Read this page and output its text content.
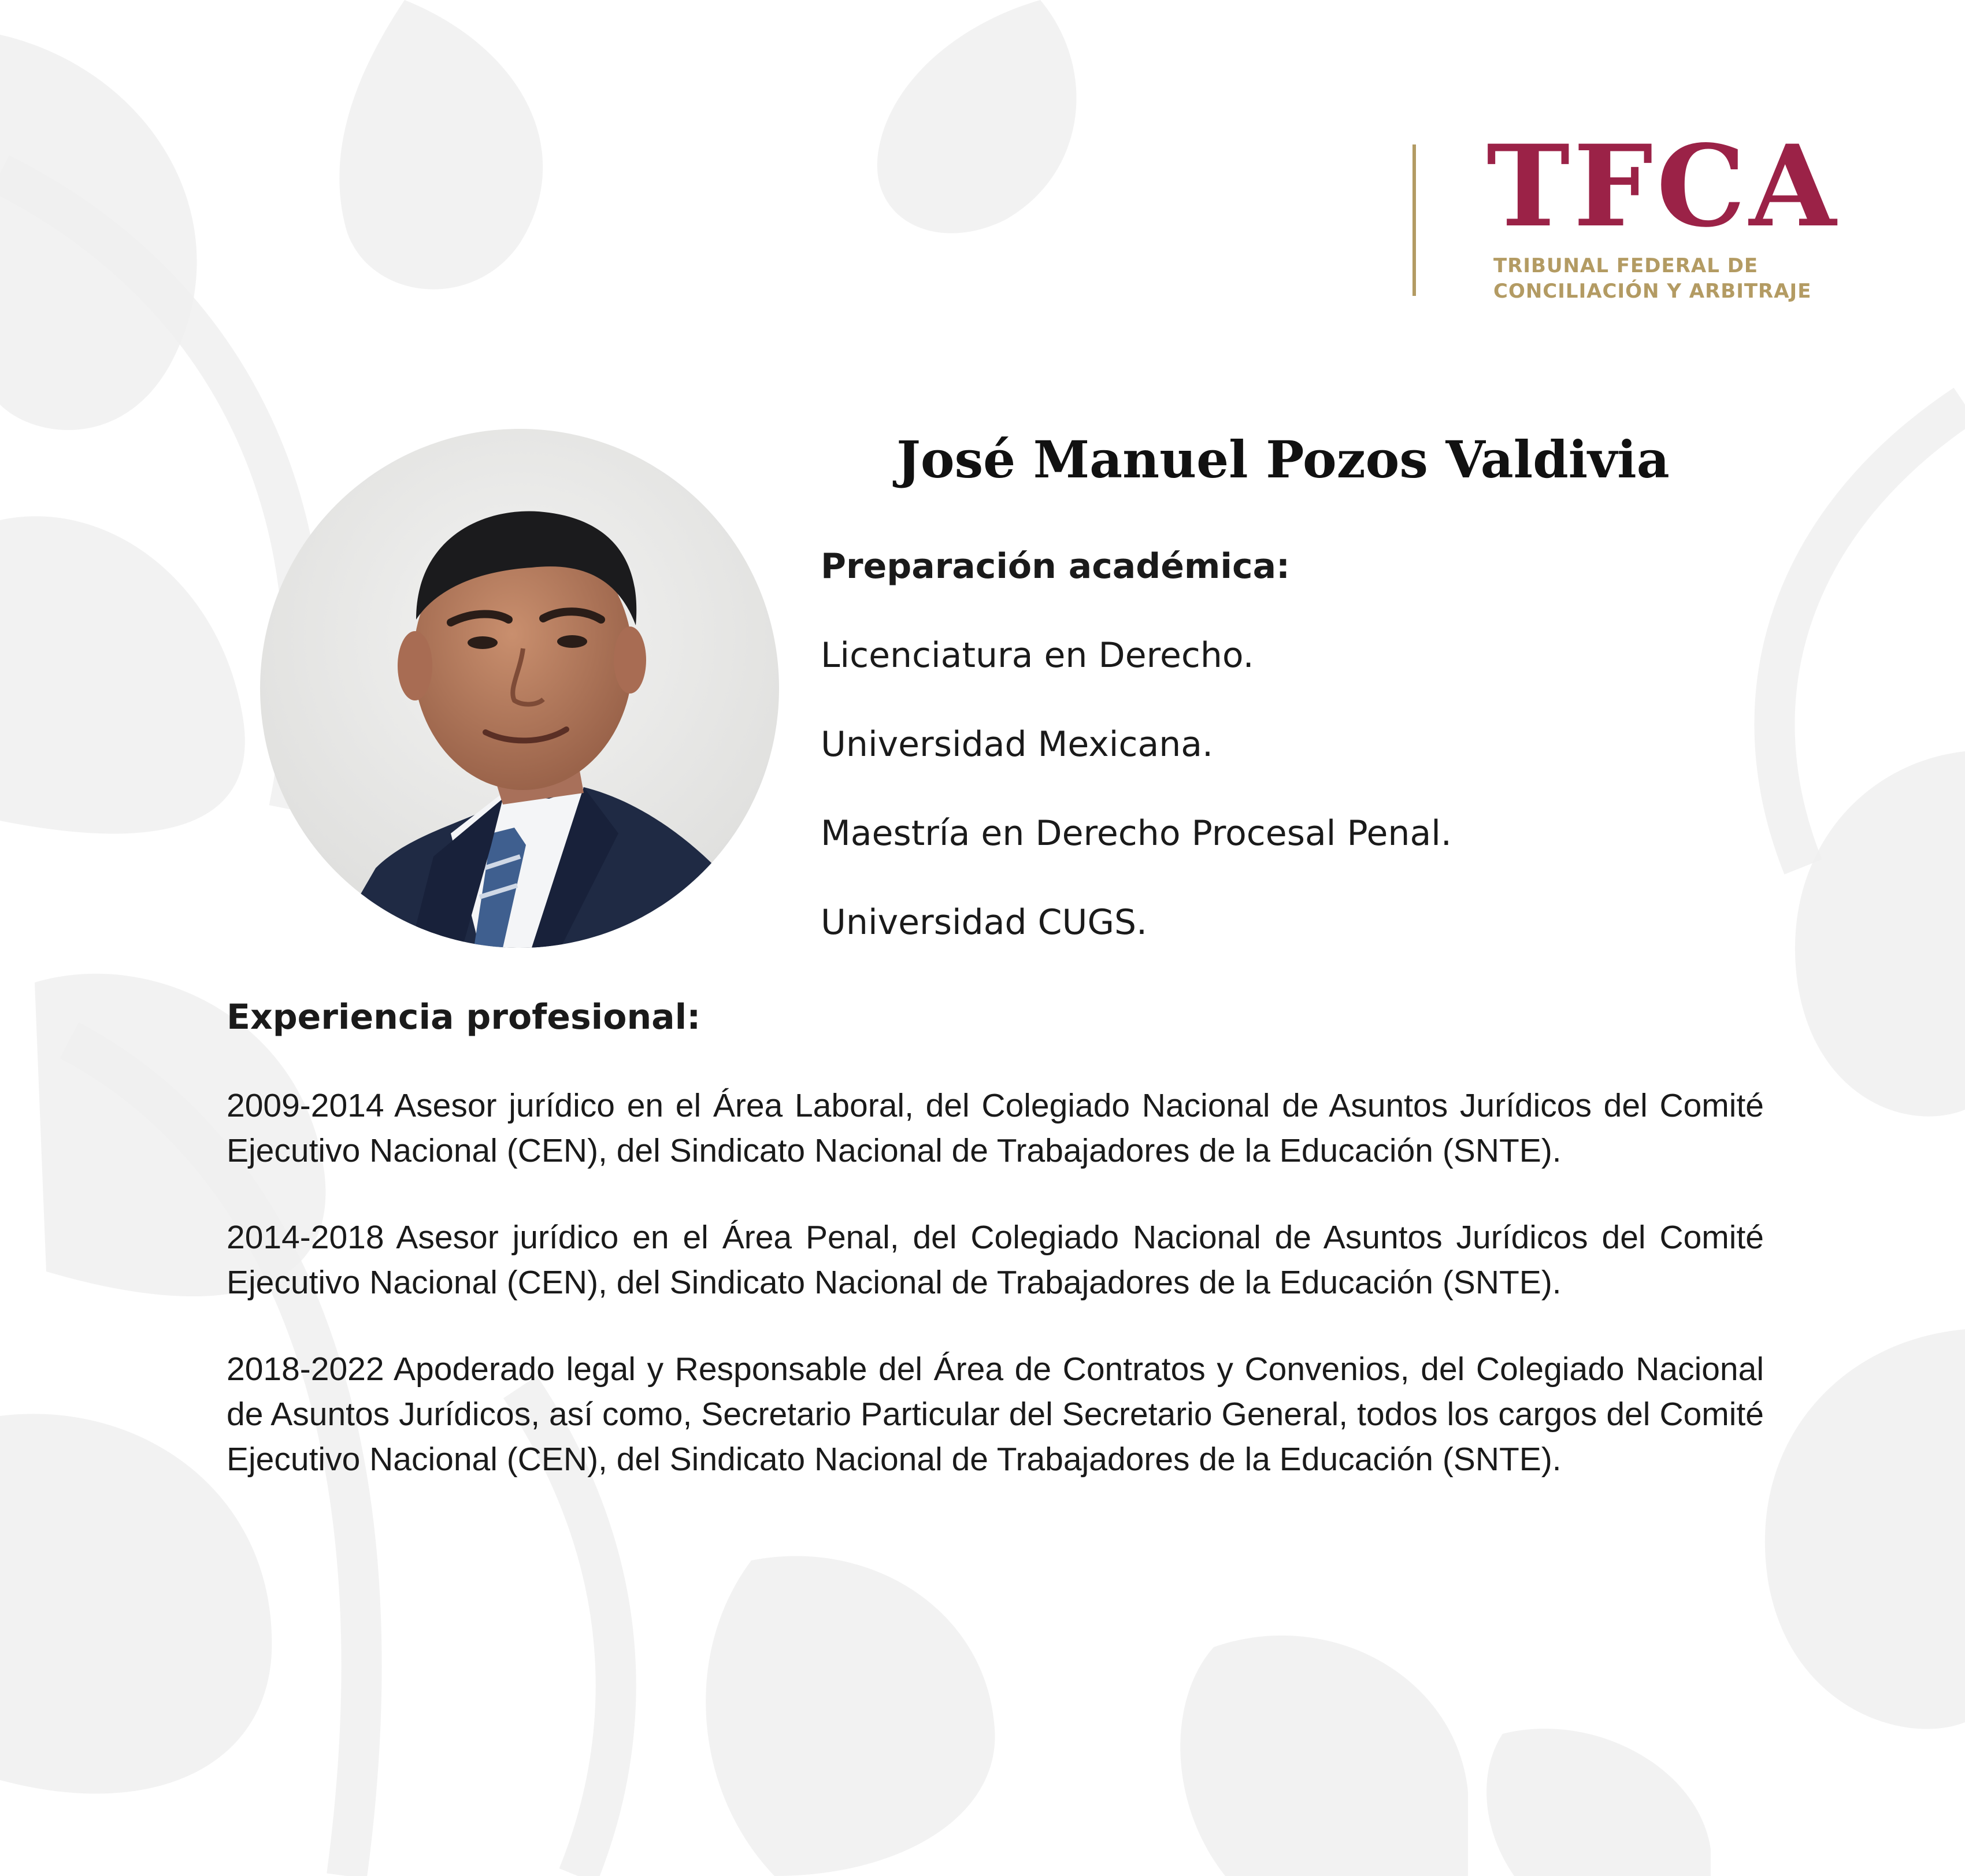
TFCA
TRIBUNAL FEDERAL DE
CONCILIACIÓN Y ARBITRAJE
José Manuel Pozos Valdivia
Preparación académica:
Licenciatura en Derecho.
Universidad Mexicana.
Maestría en Derecho Procesal Penal.
Universidad CUGS.
Experiencia profesional:

2009-2014 Asesor jurídico en el Área Laboral, del Colegiado Nacional de Asuntos Jurídicos del Comité Ejecutivo Nacional (CEN), del Sindicato Nacional de Trabajadores de la Educación (SNTE).

2014-2018 Asesor jurídico en el Área Penal, del Colegiado Nacional de Asuntos Jurídicos del Comité Ejecutivo Nacional (CEN), del Sindicato Nacional de Trabajadores de la Educación (SNTE).

2018-2022 Apoderado legal y Responsable del Área de Contratos y Convenios, del Colegiado Nacional de Asuntos Jurídicos, así como, Secretario Particular del Secretario General, todos los cargos del Comité Ejecutivo Nacional (CEN), del Sindicato Nacional de Trabajadores de la Educación (SNTE).
